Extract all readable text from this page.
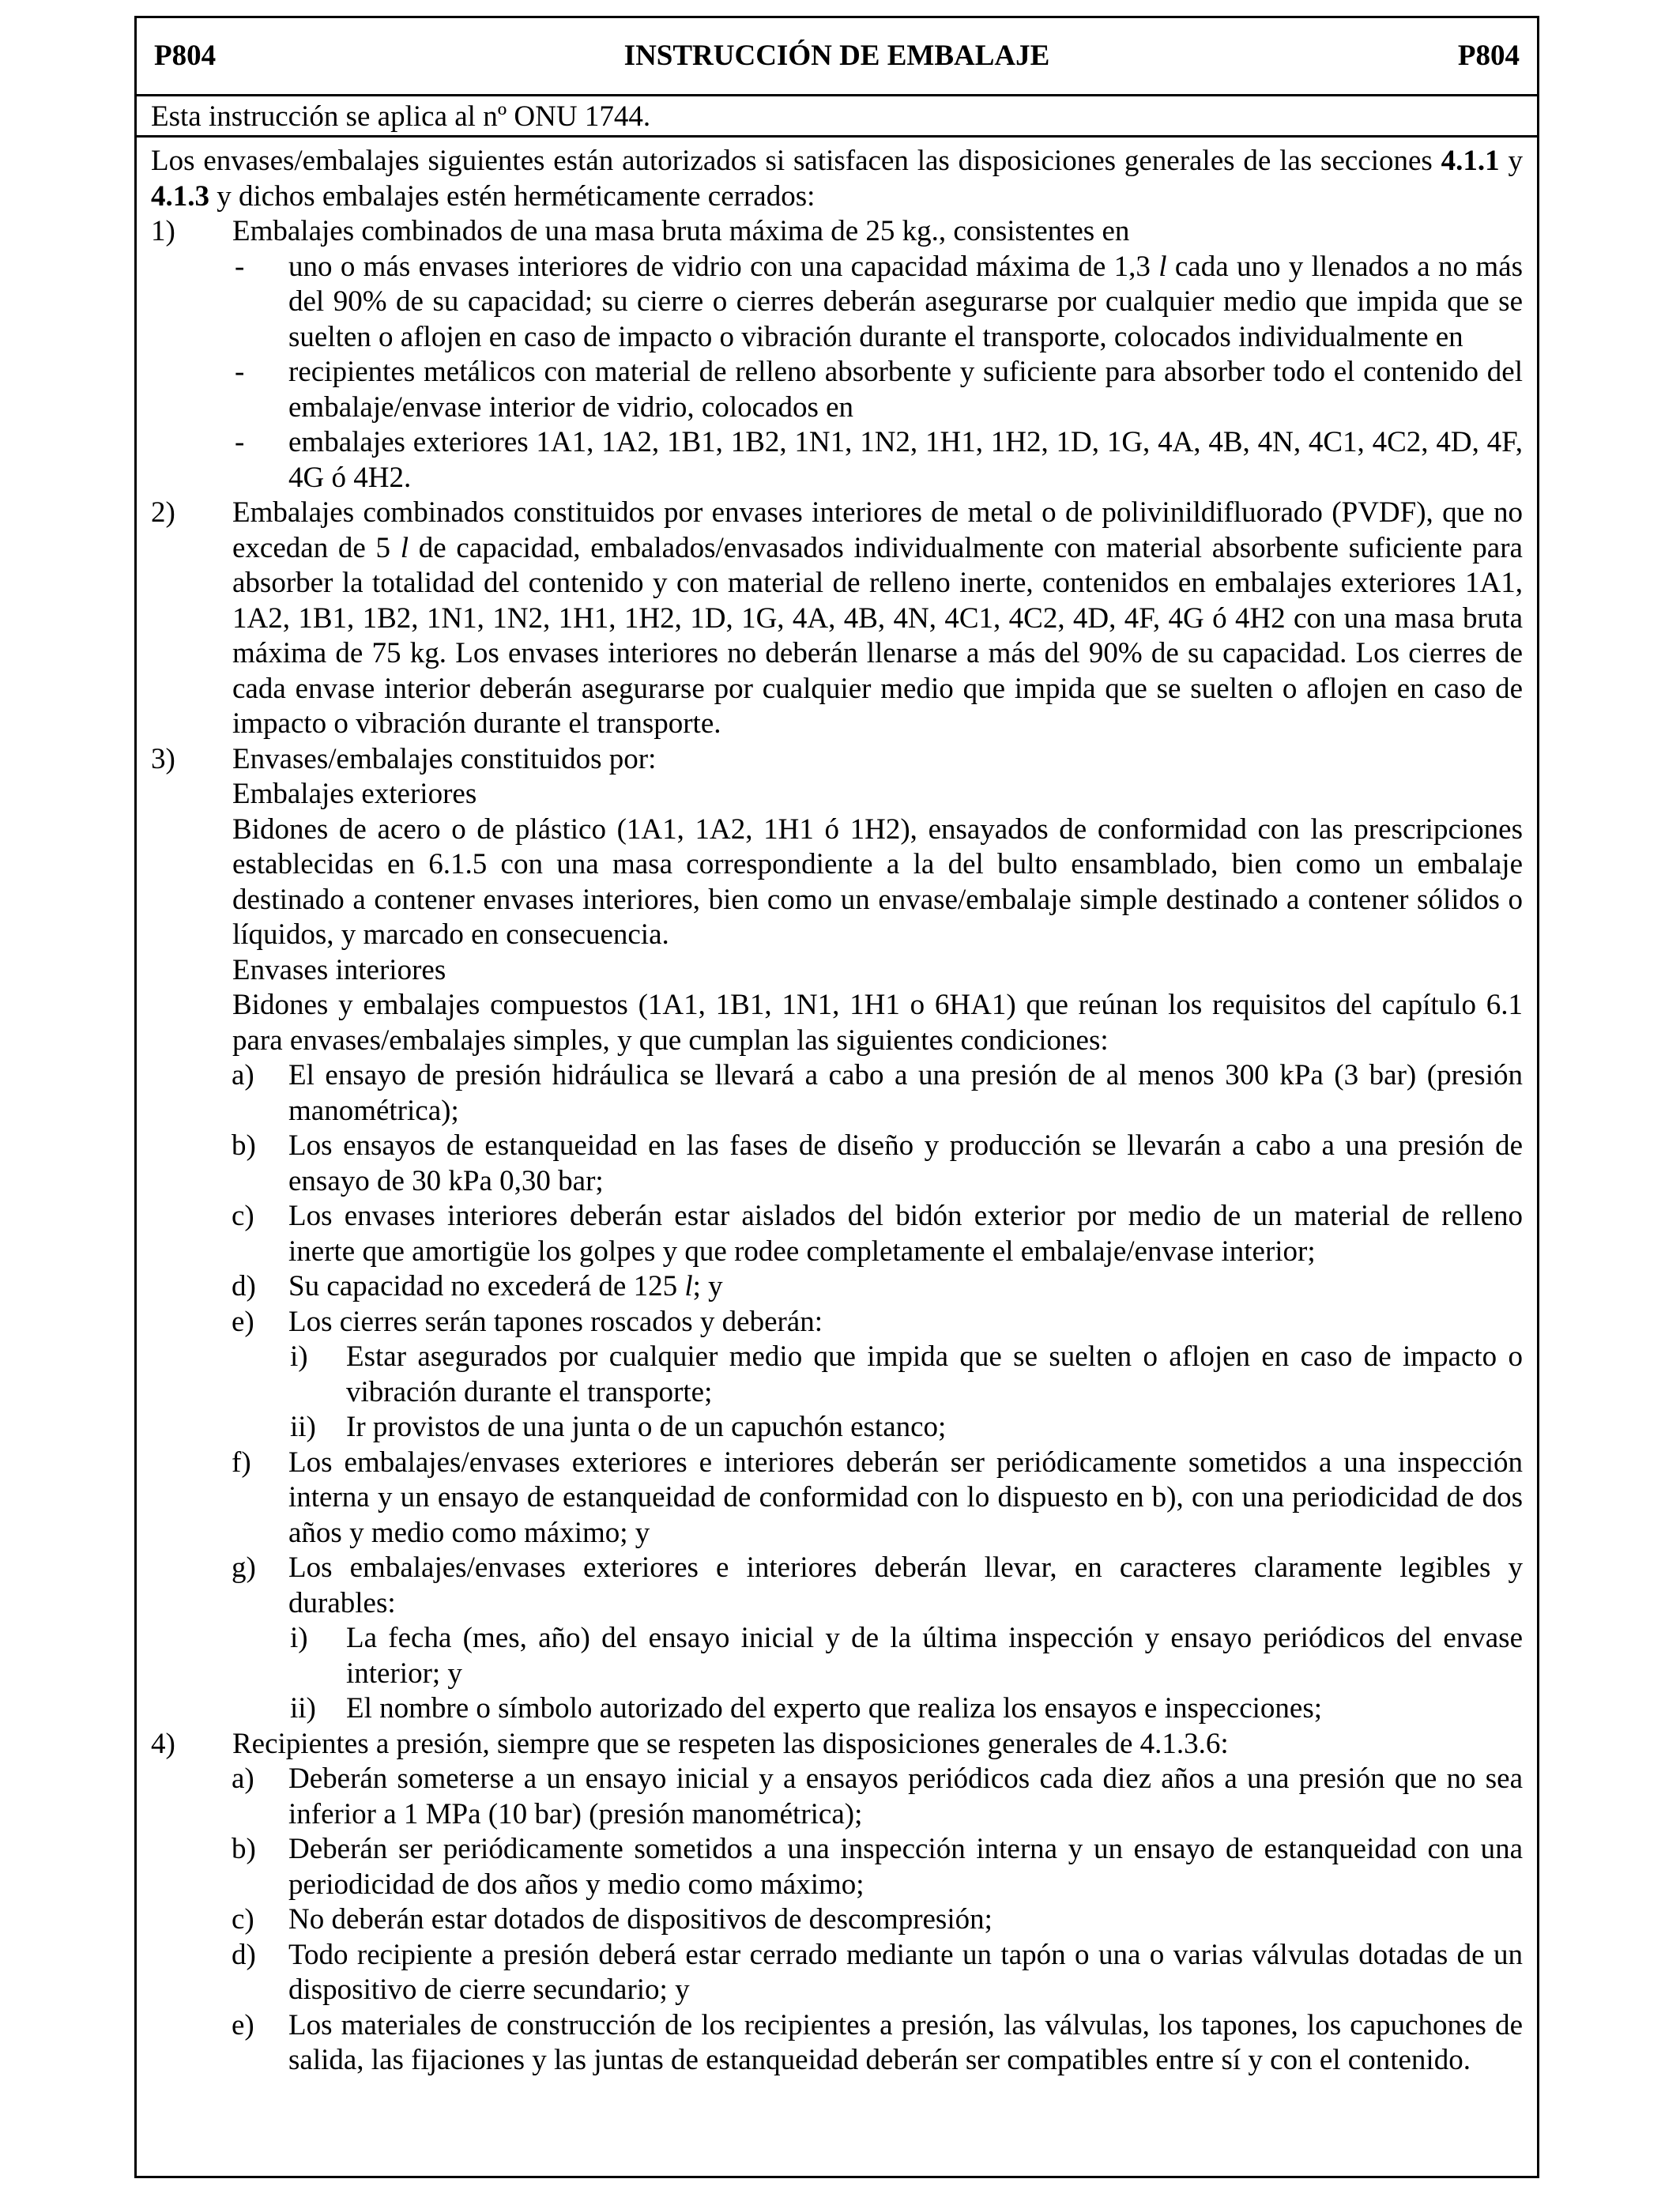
P804	INSTRUCCIÓN DE EMBALAJE	P804
Esta instrucción se aplica al nº ONU 1744.
Los envases/embalajes siguientes están autorizados si satisfacen las disposiciones generales de las secciones 4.1.1 y 4.1.3 y dichos embalajes estén herméticamente cerrados:
1) Embalajes combinados de una masa bruta máxima de 25 kg., consistentes en
- uno o más envases interiores de vidrio con una capacidad máxima de 1,3 l cada uno y llenados a no más del 90% de su capacidad; su cierre o cierres deberán asegurarse por cualquier medio que impida que se suelten o aflojen en caso de impacto o vibración durante el transporte, colocados individualmente en
- recipientes metálicos con material de relleno absorbente y suficiente para absorber todo el contenido del embalaje/envase interior de vidrio, colocados en
- embalajes exteriores 1A1, 1A2, 1B1, 1B2, 1N1, 1N2, 1H1, 1H2, 1D, 1G, 4A, 4B, 4N, 4C1, 4C2, 4D, 4F, 4G ó 4H2.
2) Embalajes combinados constituidos por envases interiores de metal o de polivinildifluorado (PVDF), que no excedan de 5 l de capacidad, embalados/envasados individualmente con material absorbente suficiente para absorber la totalidad del contenido y con material de relleno inerte, contenidos en embalajes exteriores 1A1, 1A2, 1B1, 1B2, 1N1, 1N2, 1H1, 1H2, 1D, 1G, 4A, 4B, 4N, 4C1, 4C2, 4D, 4F, 4G ó 4H2 con una masa bruta máxima de 75 kg. Los envases interiores no deberán llenarse a más del 90% de su capacidad. Los cierres de cada envase interior deberán asegurarse por cualquier medio que impida que se suelten o aflojen en caso de impacto o vibración durante el transporte.
3) Envases/embalajes constituidos por:
Embalajes exteriores
Bidones de acero o de plástico (1A1, 1A2, 1H1 ó 1H2), ensayados de conformidad con las prescripciones establecidas en 6.1.5 con una masa correspondiente a la del bulto ensamblado, bien como un embalaje destinado a contener envases interiores, bien como un envase/embalaje simple destinado a contener sólidos o líquidos, y marcado en consecuencia.
Envases interiores
Bidones y embalajes compuestos (1A1, 1B1, 1N1, 1H1 o 6HA1) que reúnan los requisitos del capítulo 6.1 para envases/embalajes simples, y que cumplan las siguientes condiciones:
a) El ensayo de presión hidráulica se llevará a cabo a una presión de al menos 300 kPa (3 bar) (presión manométrica);
b) Los ensayos de estanqueidad en las fases de diseño y producción se llevarán a cabo a una presión de ensayo de 30 kPa 0,30 bar;
c) Los envases interiores deberán estar aislados del bidón exterior por medio de un material de relleno inerte que amortigüe los golpes y que rodee completamente el embalaje/envase interior;
d) Su capacidad no excederá de 125 l; y
e) Los cierres serán tapones roscados y deberán:
i) Estar asegurados por cualquier medio que impida que se suelten o aflojen en caso de impacto o vibración durante el transporte;
ii) Ir provistos de una junta o de un capuchón estanco;
f) Los embalajes/envases exteriores e interiores deberán ser periódicamente sometidos a una inspección interna y un ensayo de estanqueidad de conformidad con lo dispuesto en b), con una periodicidad de dos años y medio como máximo; y
g) Los embalajes/envases exteriores e interiores deberán llevar, en caracteres claramente legibles y durables:
i) La fecha (mes, año) del ensayo inicial y de la última inspección y ensayo periódicos del envase interior; y
ii) El nombre o símbolo autorizado del experto que realiza los ensayos e inspecciones;
4) Recipientes a presión, siempre que se respeten las disposiciones generales de 4.1.3.6:
a) Deberán someterse a un ensayo inicial y a ensayos periódicos cada diez años a una presión que no sea inferior a 1 MPa (10 bar) (presión manométrica);
b) Deberán ser periódicamente sometidos a una inspección interna y un ensayo de estanqueidad con una periodicidad de dos años y medio como máximo;
c) No deberán estar dotados de dispositivos de descompresión;
d) Todo recipiente a presión deberá estar cerrado mediante un tapón o una o varias válvulas dotadas de un dispositivo de cierre secundario; y
e) Los materiales de construcción de los recipientes a presión, las válvulas, los tapones, los capuchones de salida, las fijaciones y las juntas de estanqueidad deberán ser compatibles entre sí y con el contenido.
